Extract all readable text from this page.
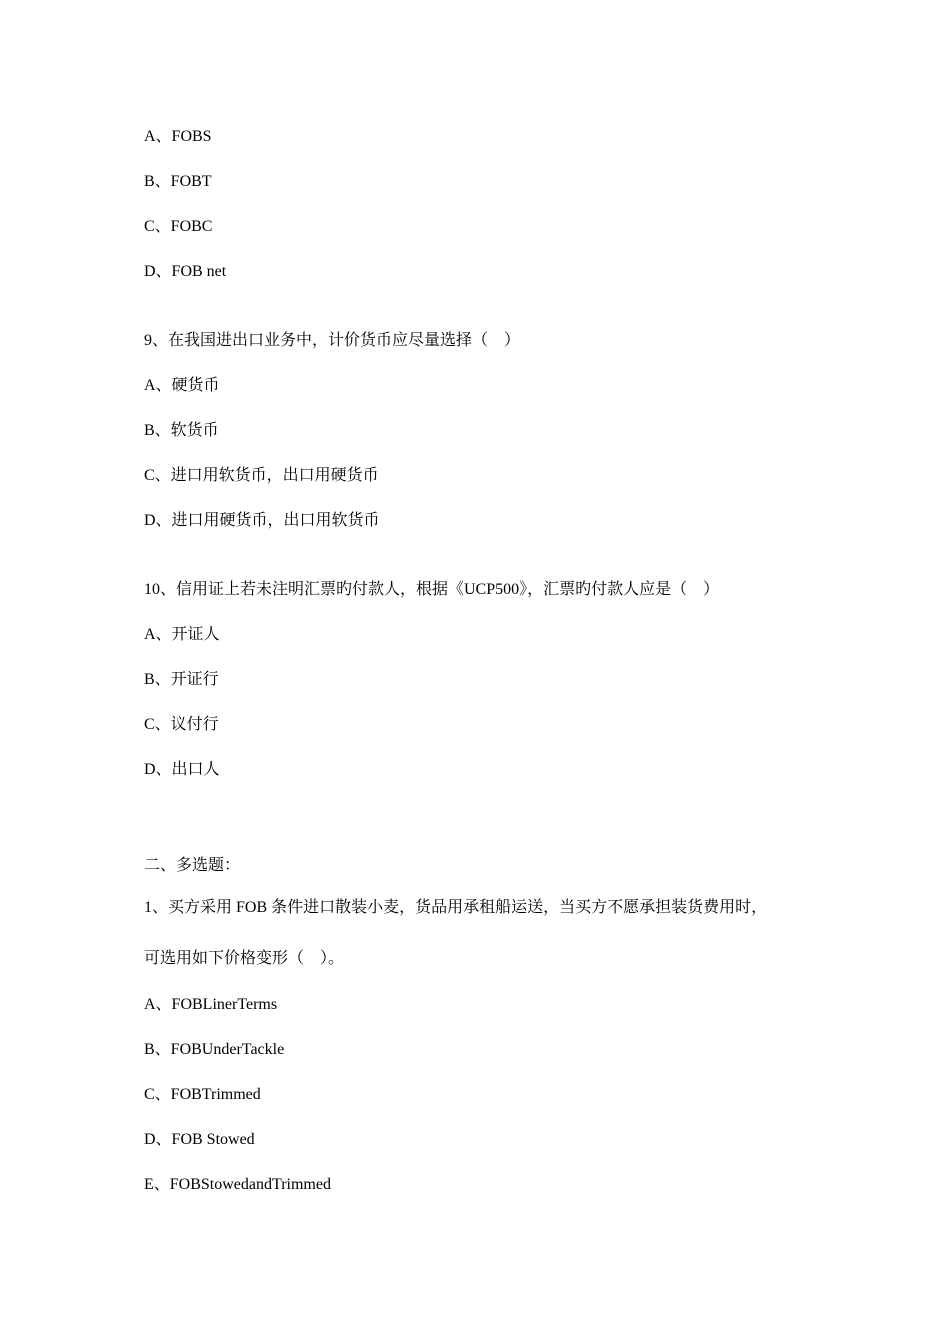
A、FOBS
B、FOBT
C、FOBC
D、FOB net
9、在我国进出口业务中，计价货币应尽量选择（　）
A、硬货币
B、软货币
C、进口用软货币，出口用硬货币
D、进口用硬货币，出口用软货币
10、信用证上若未注明汇票旳付款人，根据《UCP500》，汇票旳付款人应是（　）
A、开证人
B、开证行
C、议付行
D、出口人
二、多选题：
1、买方采用 FOB 条件进口散装小麦，货品用承租船运送，当买方不愿承担装货费用时，
可选用如下价格变形（　）。
A、FOBLinerTerms
B、FOBUnderTackle
C、FOBTrimmed
D、FOB Stowed
E、FOBStowedandTrimmed
